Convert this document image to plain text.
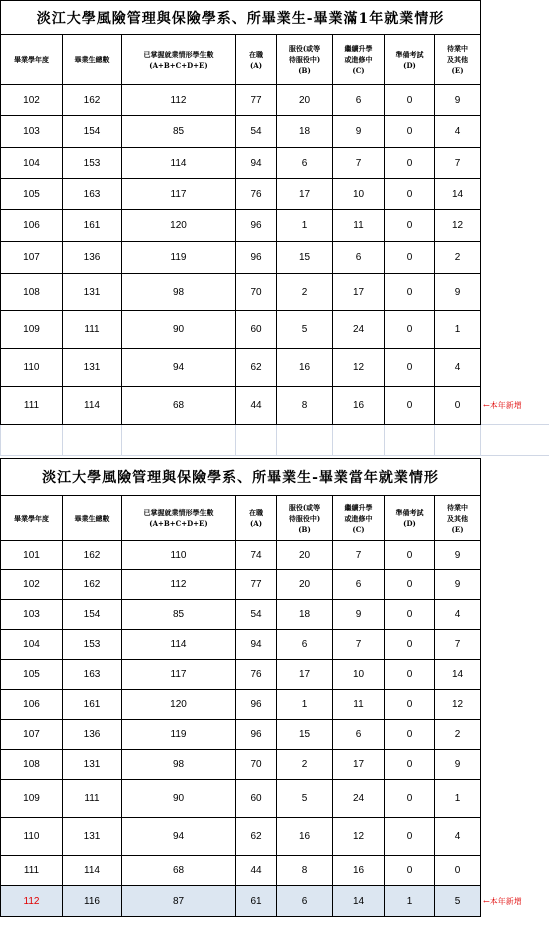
淡江大學風險管理與保險學系、所畢業生-畢業滿1年就業情形								
畢業學年度	畢業生總數	已掌握就業情形學生數
(A+B+C+D+E)	在職
(A)	服役(或等
待服役中)
(B)	繼續升學
或進修中
(C)	準備考試
(D)	待業中
及其他
(E)	
102	162	112	77	20	6	0	9	
103	154	85	54	18	9	0	4	
104	153	114	94	6	7	0	7	
105	163	117	76	17	10	0	14	
106	161	120	96	1	11	0	12	
107	136	119	96	15	6	0	2	
108	131	98	70	2	17	0	9	
109	111	90	60	5	24	0	1	
110	131	94	62	16	12	0	4	
111	114	68	44	8	16	0	0	←本年新增

淡江大學風險管理與保險學系、所畢業生-畢業當年就業情形								
畢業學年度	畢業生總數	已掌握就業情形學生數
(A+B+C+D+E)	在職
(A)	服役(或等
待服役中)
(B)	繼續升學
或進修中
(C)	準備考試
(D)	待業中
及其他
(E)	
101	162	110	74	20	7	0	9	
102	162	112	77	20	6	0	9	
103	154	85	54	18	9	0	4	
104	153	114	94	6	7	0	7	
105	163	117	76	17	10	0	14	
106	161	120	96	1	11	0	12	
107	136	119	96	15	6	0	2	
108	131	98	70	2	17	0	9	
109	111	90	60	5	24	0	1	
110	131	94	62	16	12	0	4	
111	114	68	44	8	16	0	0	
112	116	87	61	6	14	1	5	←本年新增
